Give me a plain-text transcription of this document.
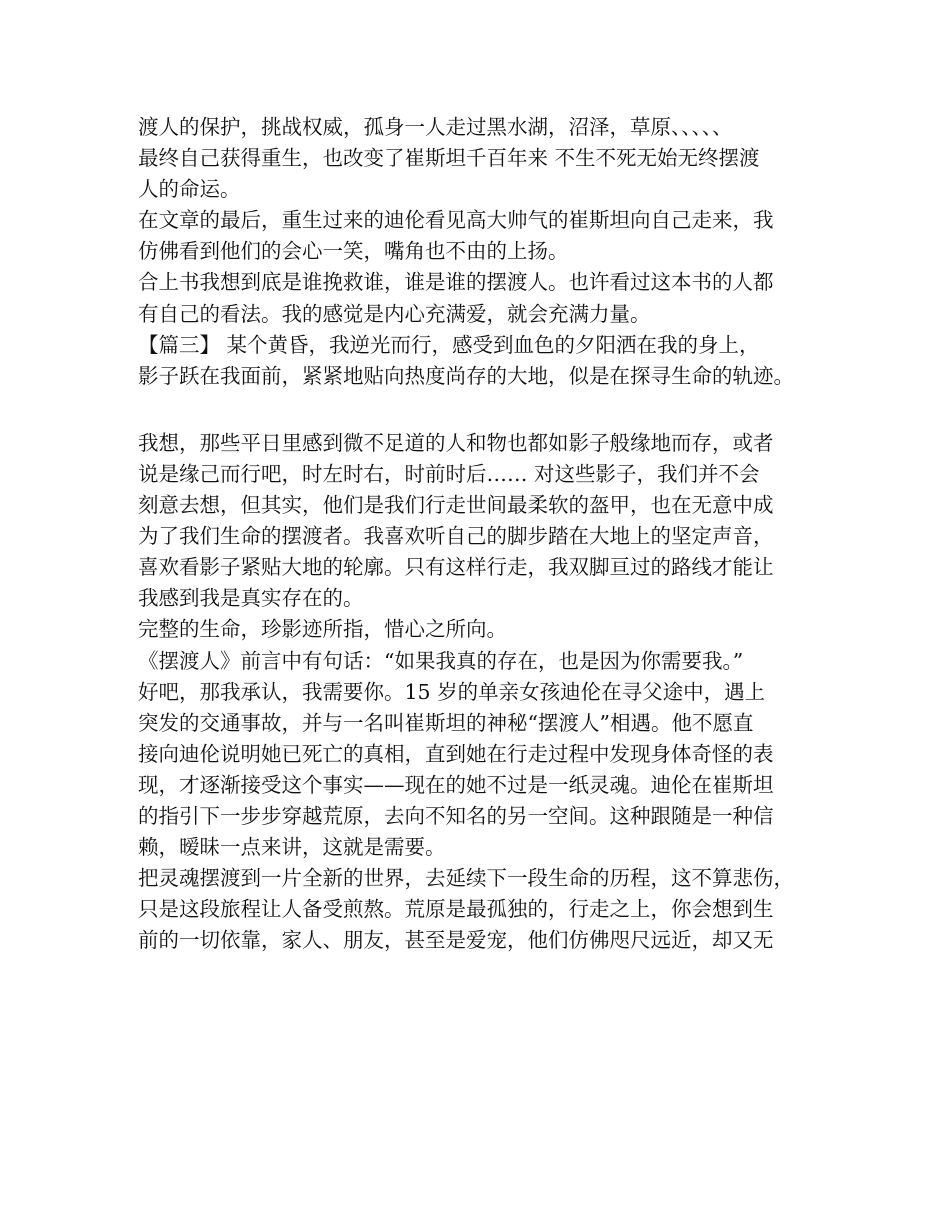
渡人的保护，挑战权威，孤身一人走过黑水湖，沼泽，草原、、、、、
最终自己获得重生，也改变了崔斯坦千百年来 不生不死无始无终摆渡
人的命运。
在文章的最后，重生过来的迪伦看见高大帅气的崔斯坦向自己走来，我
仿佛看到他们的会心一笑，嘴角也不由的上扬。
合上书我想到底是谁挽救谁，谁是谁的摆渡人。也许看过这本书的人都
有自己的看法。我的感觉是内心充满爱，就会充满力量。
【篇三】 某个黄昏，我逆光而行，感受到血色的夕阳洒在我的身上，
影子跃在我面前，紧紧地贴向热度尚存的大地，似是在探寻生命的轨迹。
我想，那些平日里感到微不足道的人和物也都如影子般缘地而存，或者
说是缘己而行吧，时左时右，时前时后…… 对这些影子，我们并不会
刻意去想，但其实，他们是我们行走世间最柔软的盔甲，也在无意中成
为了我们生命的摆渡者。我喜欢听自己的脚步踏在大地上的坚定声音，
喜欢看影子紧贴大地的轮廓。只有这样行走，我双脚亘过的路线才能让
我感到我是真实存在的。
完整的生命，珍影迹所指，惜心之所向。
《摆渡人》前言中有句话：“如果我真的存在，也是因为你需要我。”
好吧，那我承认，我需要你。15 岁的单亲女孩迪伦在寻父途中，遇上
突发的交通事故，并与一名叫崔斯坦的神秘“摆渡人”相遇。他不愿直
接向迪伦说明她已死亡的真相，直到她在行走过程中发现身体奇怪的表
现，才逐渐接受这个事实——现在的她不过是一纸灵魂。迪伦在崔斯坦
的指引下一步步穿越荒原，去向不知名的另一空间。这种跟随是一种信
赖，暧昧一点来讲，这就是需要。
把灵魂摆渡到一片全新的世界，去延续下一段生命的历程，这不算悲伤，
只是这段旅程让人备受煎熬。荒原是最孤独的，行走之上，你会想到生
前的一切依靠，家人、朋友，甚至是爱宠，他们仿佛咫尺远近，却又无
